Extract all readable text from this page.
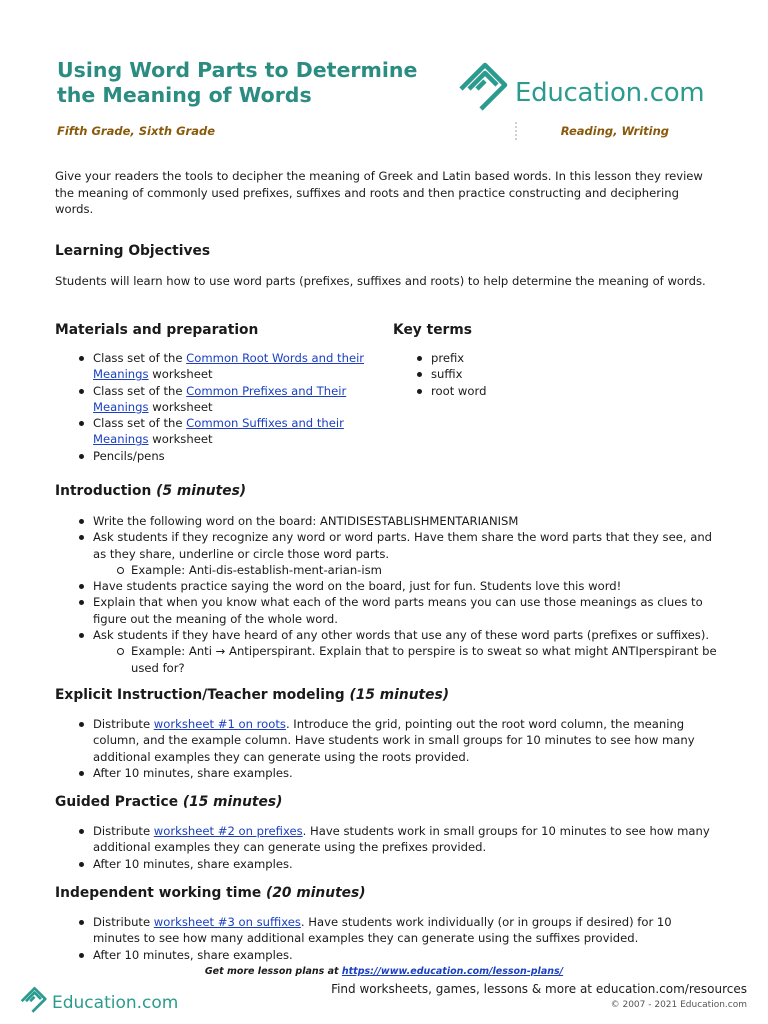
Using Word Parts to Determine the Meaning of Words	Education.com
Fifth Grade, Sixth Grade	Reading, Writing

Give your readers the tools to decipher the meaning of Greek and Latin based words. In this lesson they review the meaning of commonly used prefixes, suffixes and roots and then practice constructing and deciphering words.

Learning Objectives

Students will learn how to use word parts (prefixes, suffixes and roots) to help determine the meaning of words.

Materials and preparation
Class set of the Common Root Words and their Meanings worksheet
Class set of the Common Prefixes and Their Meanings worksheet
Class set of the Common Suffixes and their Meanings worksheet
Pencils/pens
Key terms
prefix
suffix
root word
Introduction (5 minutes)
Write the following word on the board: ANTIDISESTABLISHMENTARIANISM
Ask students if they recognize any word or word parts. Have them share the word parts that they see, and as they share, underline or circle those word parts.
Example: Anti-dis-establish-ment-arian-ism
Have students practice saying the word on the board, just for fun. Students love this word!
Explain that when you know what each of the word parts means you can use those meanings as clues to figure out the meaning of the whole word.
Ask students if they have heard of any other words that use any of these word parts (prefixes or suffixes).
Example: Anti → Antiperspirant. Explain that to perspire is to sweat so what might ANTIperspirant be used for?
Explicit Instruction/Teacher modeling (15 minutes)
Distribute worksheet #1 on roots. Introduce the grid, pointing out the root word column, the meaning column, and the example column. Have students work in small groups for 10 minutes to see how many additional examples they can generate using the roots provided.
After 10 minutes, share examples.
Guided Practice (15 minutes)
Distribute worksheet #2 on prefixes. Have students work in small groups for 10 minutes to see how many additional examples they can generate using the prefixes provided.
After 10 minutes, share examples.
Independent working time (20 minutes)
Distribute worksheet #3 on suffixes. Have students work individually (or in groups if desired) for 10 minutes to see how many additional examples they can generate using the suffixes provided.
After 10 minutes, share examples.
Get more lesson plans at https://www.education.com/lesson-plans/
Education.com
Find worksheets, games, lessons & more at education.com/resources
© 2007 - 2021 Education.com
